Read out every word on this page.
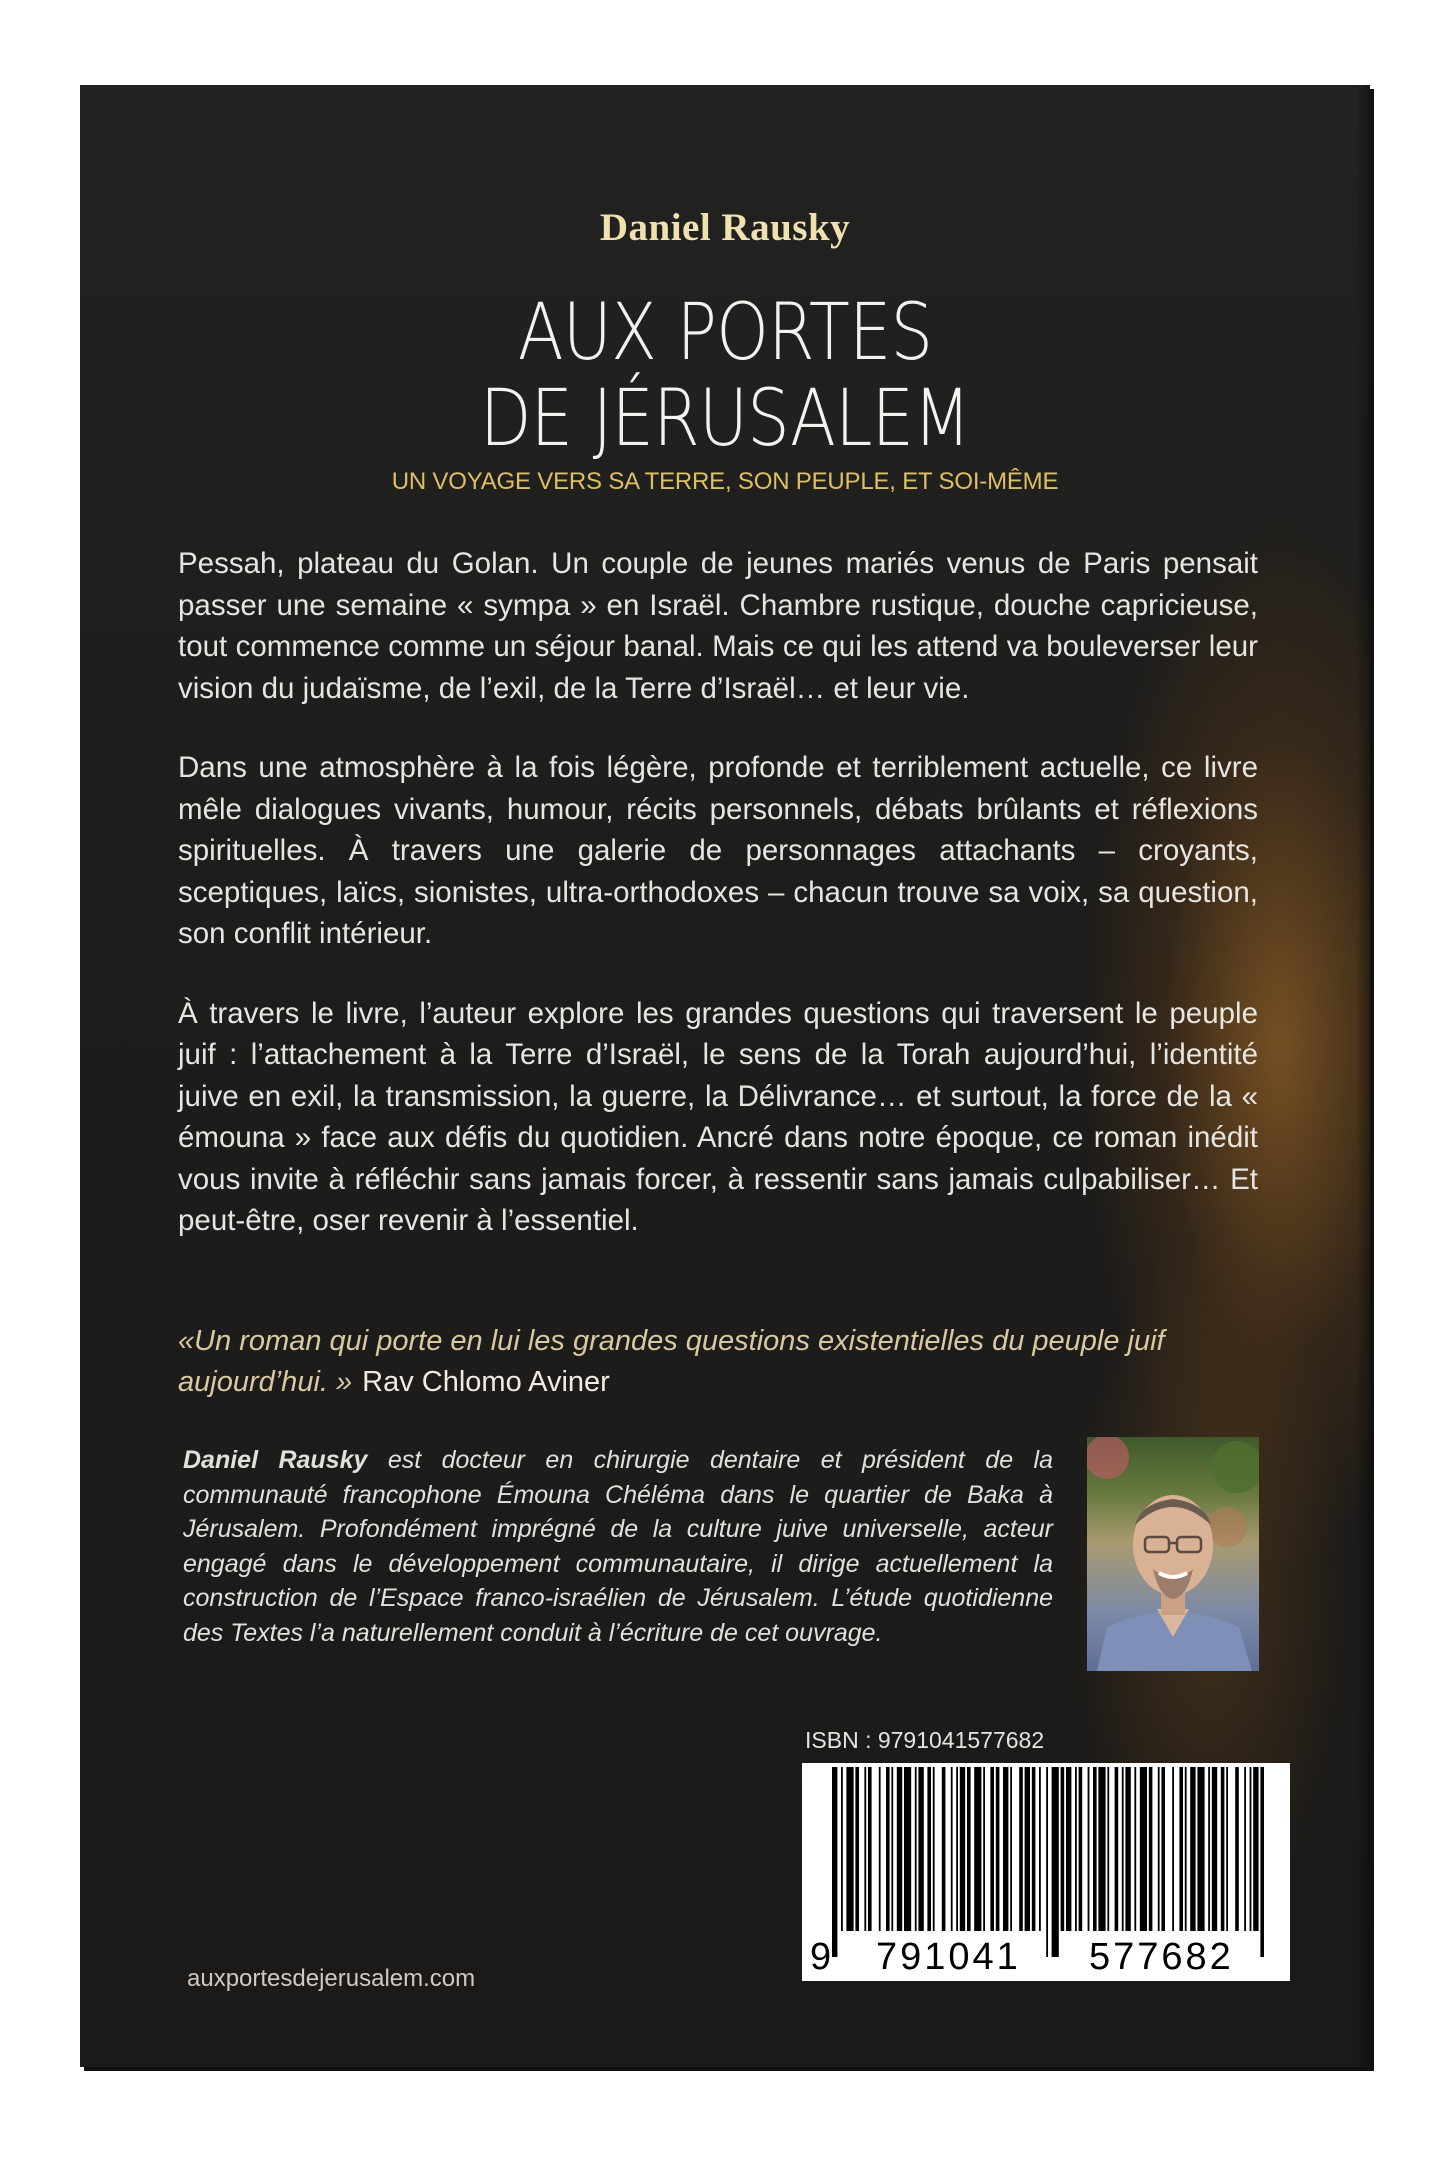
Daniel Rausky
AUX PORTES
DE JÉRUSALEM
UN VOYAGE VERS SA TERRE, SON PEUPLE, ET SOI-MÊME

Pessah, plateau du Golan. Un couple de jeunes mariés venus de Paris pensait passer une semaine « sympa » en Israël. Chambre rustique, douche capricieuse, tout commence comme un séjour banal. Mais ce qui les attend va bouleverser leur vision du judaïsme, de l’exil, de la Terre d’Israël… et leur vie.

Dans une atmosphère à la fois légère, profonde et terriblement actuelle, ce livre mêle dialogues vivants, humour, récits personnels, débats brûlants et réflexions spirituelles. À travers une galerie de personnages attachants – croyants, sceptiques, laïcs, sionistes, ultra-orthodoxes – chacun trouve sa voix, sa question, son conflit intérieur.

À travers le livre, l’auteur explore les grandes questions qui traversent le peuple juif : l’attachement à la Terre d’Israël, le sens de la Torah aujourd’hui, l’identité juive en exil, la transmission, la guerre, la Délivrance… et surtout, la force de la « émouna » face aux défis du quotidien. Ancré dans notre époque, ce roman inédit vous invite à réfléchir sans jamais forcer, à ressentir sans jamais culpabiliser… Et peut-être, oser revenir à l’essentiel.

«Un roman qui porte en lui les grandes questions existentielles du peuple juif aujourd’hui. » Rav Chlomo Aviner
Daniel Rausky est docteur en chirurgie dentaire et président de la communauté francophone Émouna Chéléma dans le quartier de Baka à Jérusalem. Profondément imprégné de la culture juive universelle, acteur engagé dans le développement communautaire, il dirige actuellement la construction de l’Espace franco-israélien de Jérusalem. L’étude quotidienne des Textes l’a naturellement conduit à l’écriture de cet ouvrage.
ISBN : 9791041577682
9 791041 577682
auxportesdejerusalem.com
